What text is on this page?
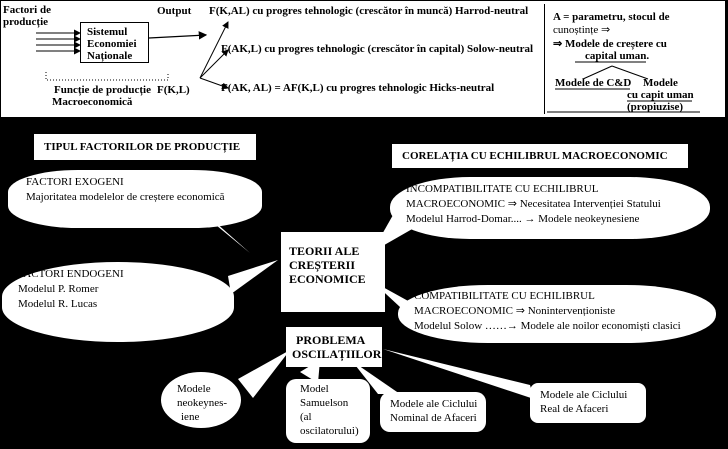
Factori de
producție
Sistemul
Economiei
Naționale
Output
Funcție de producție
Macroeconomică
F(K,L)
F(K,AL) cu progres tehnologic (crescător în muncă) Harrod-neutral
F(AK,L) cu progres tehnologic (crescător în capital) Solow-neutral
F(AK, AL) = AF(K,L) cu progres tehnologic Hicks-neutral
A = parametru, stocul de
cunoștințe ⇒
⇒ Modele de creștere cu
capital uman.
Modele de C&D Modele
cu capit uman
(propiuzise)
TIPUL FACTORILOR DE PRODUCȚIE
CORELAȚIA CU ECHILIBRUL MACROECONOMIC
FACTORI EXOGENI
Majoritatea modelelor de creștere economică
FACTORI ENDOGENI
Modelul P. Romer
Modelul R. Lucas
INCOMPATIBILITATE CU ECHILIBRUL
MACROECONOMIC ⇒ Necesitatea Intervenției Statului
Modelul Harrod-Domar.... → Modele neokeynesiene
COMPATIBILITATE CU ECHILIBRUL
MACROECONOMIC ⇒ Nonintervenționiste
Modelul Solow ……→ Modele ale noilor economiști clasici
TEORII ALE
CREȘTERII
ECONOMICE
PROBLEMA
OSCILAȚIILOR
Modele
neokeynes-
iene
Model
Samuelson
(al
oscilatorului)
Modele ale Ciclului
Nominal de Afaceri
Modele ale Ciclului
Real de Afaceri
